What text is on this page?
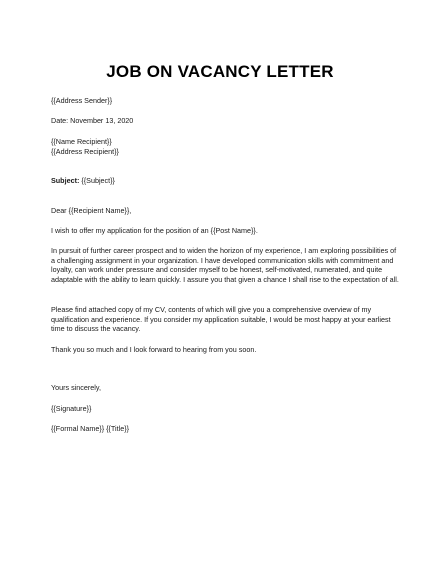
JOB ON VACANCY LETTER
{{Address Sender}}
Date: November 13, 2020
{{Name Recipient}}
{{Address Recipient}}
Subject: {{Subject}}
Dear {{Recipient Name}},
I wish to offer my application for the position of an {{Post Name}}.
In pursuit of further career prospect and to widen the horizon of my experience, I am exploring possibilities of a challenging assignment in your organization. I have developed communication skills with commitment and loyalty, can work under pressure and consider myself to be honest, self-motivated, numerated, and quite adaptable with the ability to learn quickly. I assure you that given a chance I shall rise to the expectation of all.
Please find attached copy of my CV, contents of which will give you a comprehensive overview of my qualification and experience. If you consider my application suitable, I would be most happy at your earliest time to discuss the vacancy.
Thank you so much and I look forward to hearing from you soon.
Yours sincerely,
{{Signature}}
{{Formal Name}} {{Title}}
